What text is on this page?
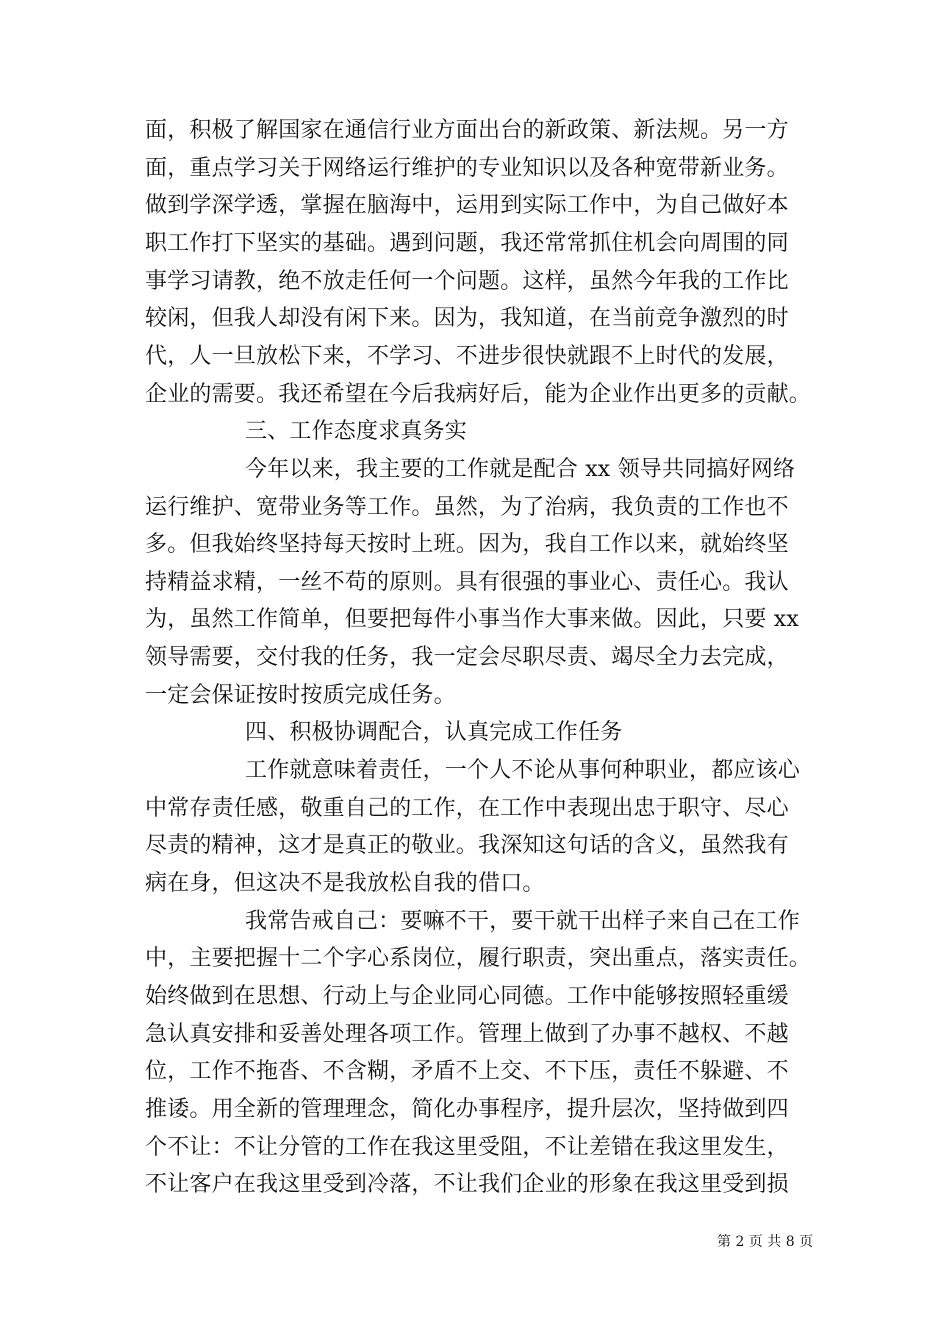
面，积极了解国家在通信行业方面出台的新政策、新法规。另一方
面，重点学习关于网络运行维护的专业知识以及各种宽带新业务。
做到学深学透，掌握在脑海中，运用到实际工作中，为自己做好本
职工作打下坚实的基础。遇到问题，我还常常抓住机会向周围的同
事学习请教，绝不放走任何一个问题。这样，虽然今年我的工作比
较闲，但我人却没有闲下来。因为，我知道，在当前竞争激烈的时
代，人一旦放松下来，不学习、不进步很快就跟不上时代的发展，
企业的需要。我还希望在今后我病好后，能为企业作出更多的贡献。
三、工作态度求真务实
今年以来，我主要的工作就是配合 xx 领导共同搞好网络
运行维护、宽带业务等工作。虽然，为了治病，我负责的工作也不
多。但我始终坚持每天按时上班。因为，我自工作以来，就始终坚
持精益求精，一丝不苟的原则。具有很强的事业心、责任心。我认
为，虽然工作简单，但要把每件小事当作大事来做。因此，只要 xx
领导需要，交付我的任务，我一定会尽职尽责、竭尽全力去完成，
一定会保证按时按质完成任务。
四、积极协调配合，认真完成工作任务
工作就意味着责任，一个人不论从事何种职业，都应该心
中常存责任感，敬重自己的工作，在工作中表现出忠于职守、尽心
尽责的精神，这才是真正的敬业。我深知这句话的含义，虽然我有
病在身，但这决不是我放松自我的借口。
我常告戒自己：要嘛不干，要干就干出样子来自己在工作
中，主要把握十二个字心系岗位，履行职责，突出重点，落实责任。
始终做到在思想、行动上与企业同心同德。工作中能够按照轻重缓
急认真安排和妥善处理各项工作。管理上做到了办事不越权、不越
位，工作不拖沓、不含糊，矛盾不上交、不下压，责任不躲避、不
推诿。用全新的管理理念，简化办事程序，提升层次，坚持做到四
个不让：不让分管的工作在我这里受阻，不让差错在我这里发生，
不让客户在我这里受到冷落，不让我们企业的形象在我这里受到损
第 2 页 共 8 页
